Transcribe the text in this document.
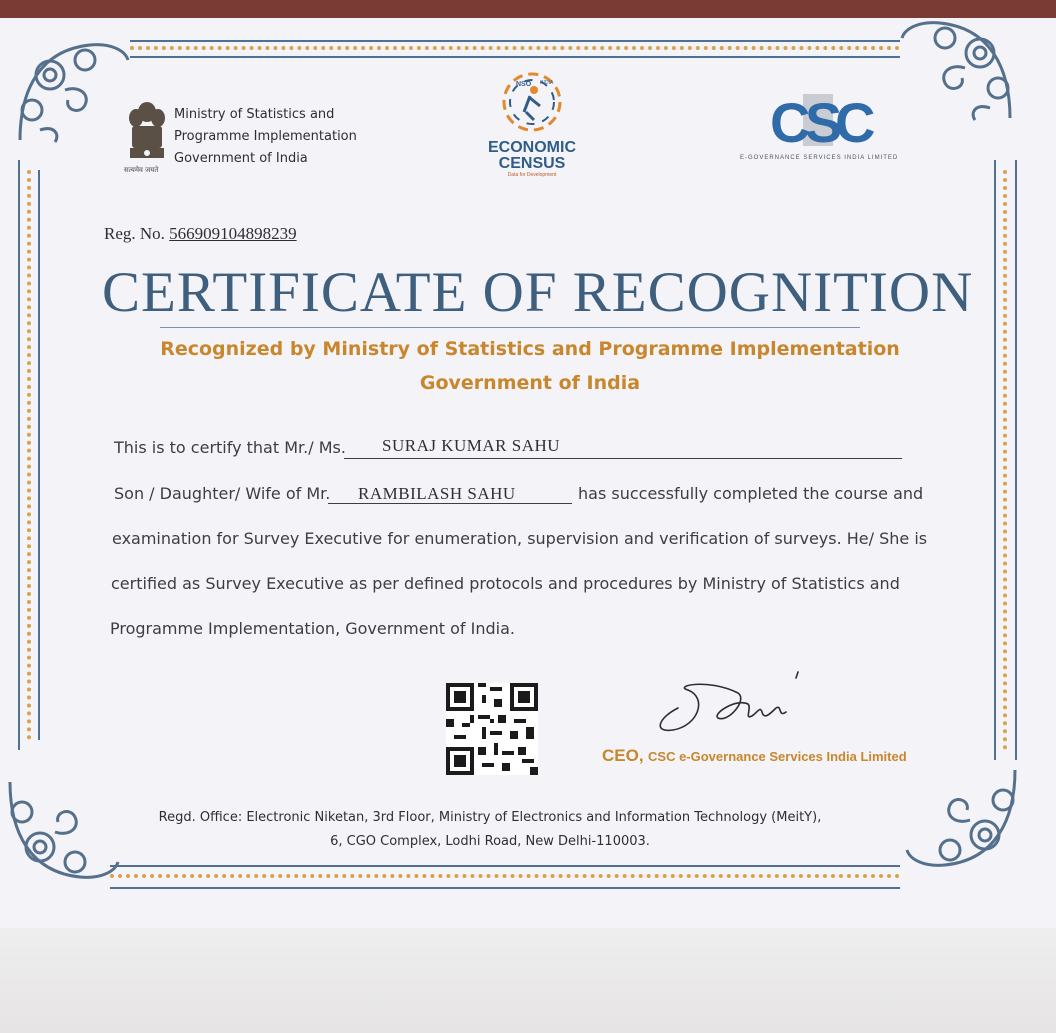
सत्यमेव जयते
Ministry of Statistics and
Programme Implementation
Government of India
NSO INDIA
ECONOMIC
CENSUS
Data for Development
C
S
C
E-GOVERNANCE SERVICES INDIA LIMITED
Reg. No. 566909104898239
CERTIFICATE OF RECOGNITION
Recognized by Ministry of Statistics and Programme Implementation
Government of India
This is to certify that Mr./ Ms. SURAJ KUMAR SAHU
Son / Daughter/ Wife of Mr. RAMBILASH SAHU	has successfully completed the course and
examination for Survey Executive for enumeration, supervision and verification of surveys. He/ She is
certified as Survey Executive as per defined protocols and procedures by Ministry of Statistics and
Programme Implementation, Government of India.
CEO, CSC e-Governance Services India Limited
Regd. Office: Electronic Niketan, 3rd Floor, Ministry of Electronics and Information Technology (MeitY),
6, CGO Complex, Lodhi Road, New Delhi-110003.
